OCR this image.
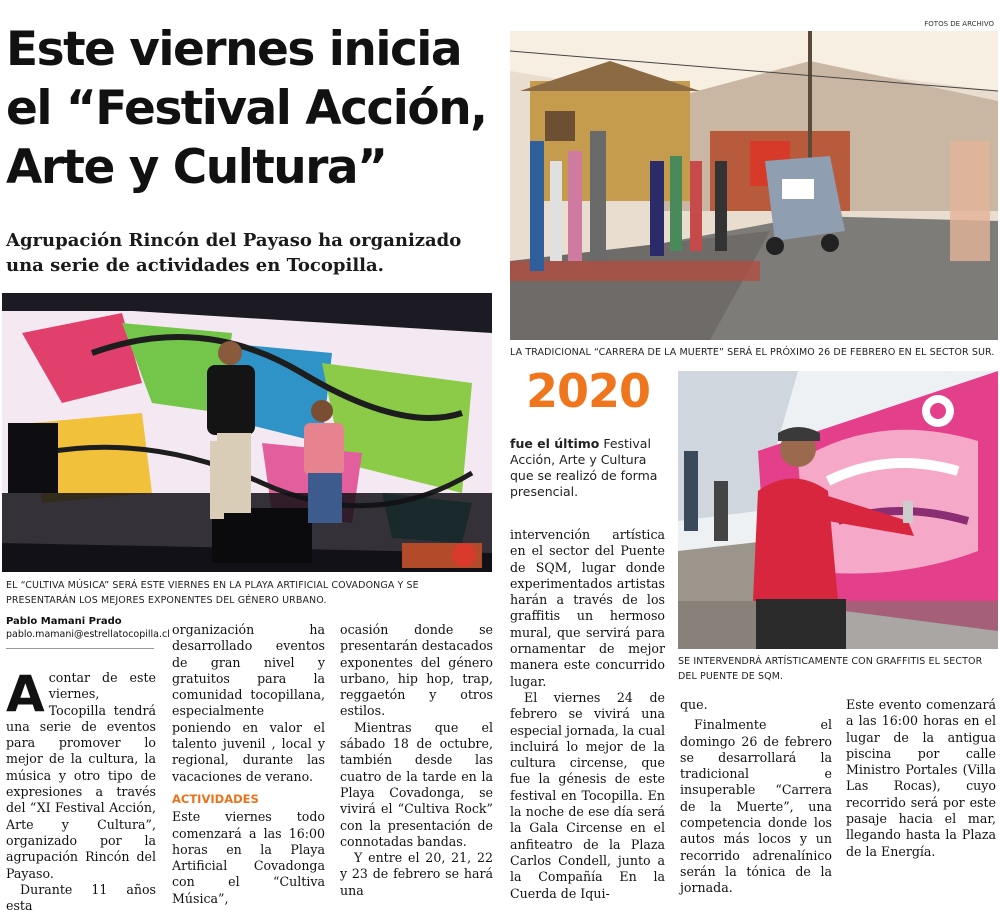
FOTOS DE ARCHIVO
Este viernes inicia el “Festival Acción, Arte y Cultura”
Agrupación Rincón del Payaso ha organizado una serie de actividades en Tocopilla.
EL “CULTIVA MÚSICA” SERÁ ESTE VIERNES EN LA PLAYA ARTIFICIAL COVADONGA Y SE PRESENTARÁN LOS MEJORES EXPONENTES DEL GÉNERO URBANO.
LA TRADICIONAL “CARRERA DE LA MUERTE” SERÁ EL PRÓXIMO 26 DE FEBRERO EN EL SECTOR SUR.
2020
fue el último Festival Acción, Arte y Cultura que se realizó de forma presencial.
SE INTERVENDRÁ ARTÍSTICAMENTE CON GRAFFITIS EL SECTOR DEL PUENTE DE SQM.
Pablo Mamani Prado
pablo.mamani@estrellatocopilla.cl

Acontar de este viernes, Tocopilla tendrá una serie de eventos para promover lo mejor de la cultura, la música y otro tipo de expresiones a través del “XI Festival Acción, Arte y Cultura”, organizado por la agrupación Rincón del Payaso.

Durante 11 años esta

organización ha desarrollado eventos de gran nivel y gratuitos para la comunidad tocopillana, especialmente poniendo en valor el talento juvenil , local y regional, durante las vacaciones de verano.

ACTIVIDADES

Este viernes todo comenzará a las 16:00 horas en la Playa Artificial Covadonga con el “Cultiva Música”,

ocasión donde se presentarán destacados exponentes del género urbano, hip hop, trap, reggaetón y otros estilos.

Mientras que el sábado 18 de octubre, también desde las cuatro de la tarde en la Playa Covadonga, se vivirá el “Cultiva Rock” con la presentación de connotadas bandas.

Y entre el 20, 21, 22 y 23 de febrero se hará una

intervención artística en el sector del Puente de SQM, lugar donde experimentados artistas harán a través de los graffitis un hermoso mural, que servirá para ornamentar de mejor manera este concurrido lugar.

El viernes 24 de febrero se vivirá una especial jornada, la cual incluirá lo mejor de la cultura circense, que fue la génesis de este festival en Tocopilla. En la noche de ese día será la Gala Circense en el anfiteatro de la Plaza Carlos Condell, junto a la Compañía En la Cuerda de Iqui-

que.

Finalmente el domingo 26 de febrero se desarrollará la tradicional e insuperable “Carrera de la Muerte”, una competencia donde los autos más locos y un recorrido adrenalínico serán la tónica de la jornada.

Este evento comenzará a las 16:00 horas en el lugar de la antigua piscina por calle Ministro Portales (Villa Las Rocas), cuyo recorrido será por este pasaje hacia el mar, llegando hasta la Plaza de la Energía.
